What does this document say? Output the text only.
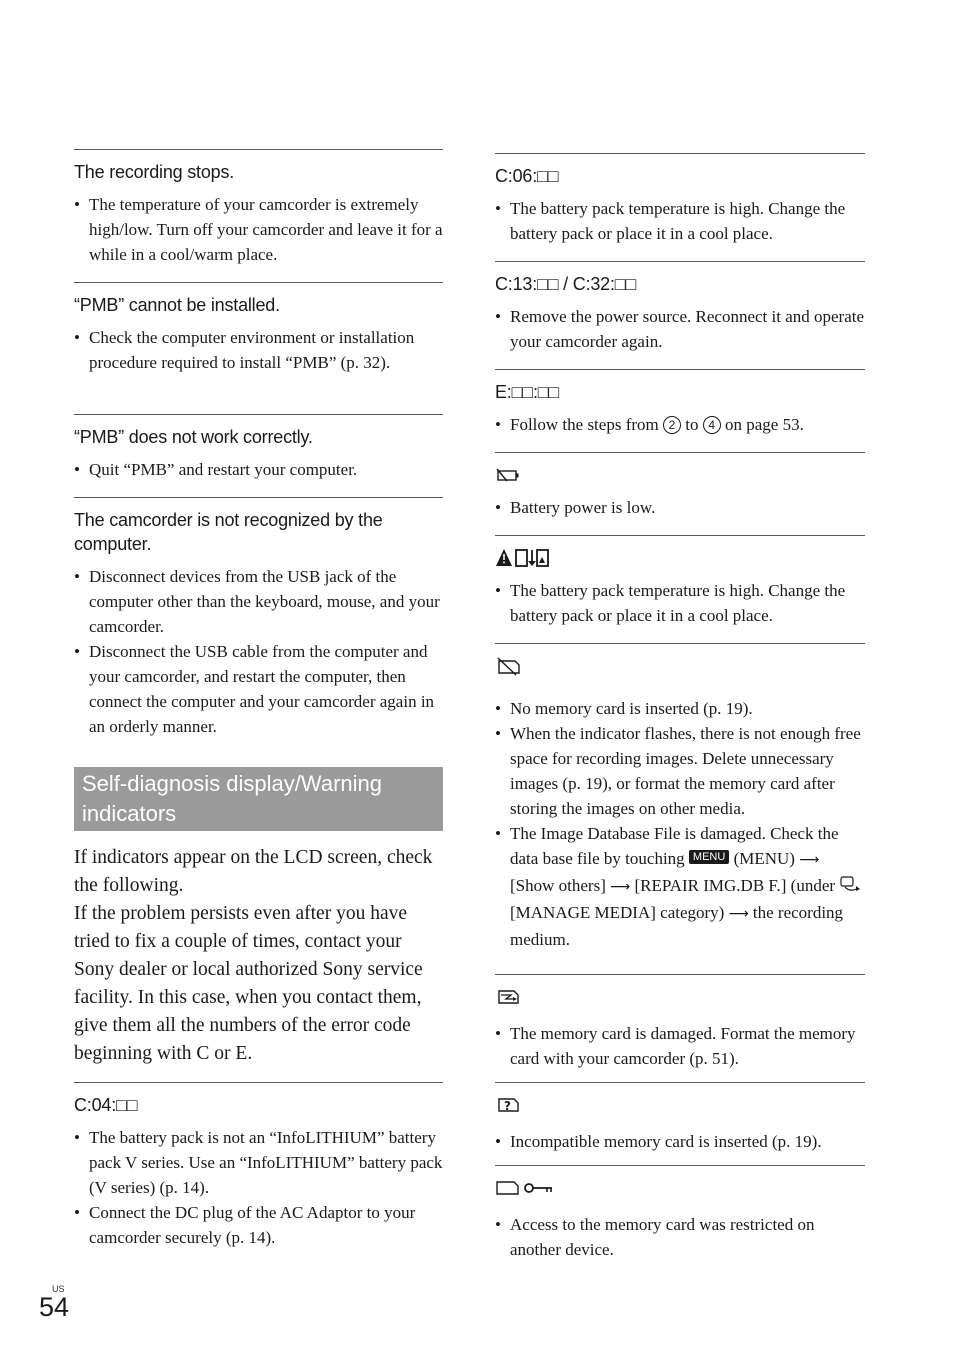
The recording stops.
• The temperature of your camcorder is extremely high/low. Turn off your camcorder and leave it for a while in a cool/warm place.
“PMB” cannot be installed.
• Check the computer environment or installation procedure required to install “PMB” (p. 32).
“PMB” does not work correctly.
• Quit “PMB” and restart your computer.
The camcorder is not recognized by the computer.
• Disconnect devices from the USB jack of the computer other than the keyboard, mouse, and your camcorder.
• Disconnect the USB cable from the computer and your camcorder, and restart the computer, then connect the computer and your camcorder again in an orderly manner.
Self-diagnosis display/Warning indicators

If indicators appear on the LCD screen, check the following.
If the problem persists even after you have tried to fix a couple of times, contact your Sony dealer or local authorized Sony service facility. In this case, when you contact them, give them all the numbers of the error code beginning with C or E.

C:04:□□
• The battery pack is not an “InfoLITHIUM” battery pack V series. Use an “InfoLITHIUM” battery pack (V series) (p. 14).
• Connect the DC plug of the AC Adaptor to your camcorder securely (p. 14).
C:06:□□
• The battery pack temperature is high. Change the battery pack or place it in a cool place.
C:13:□□ / C:32:□□
• Remove the power source. Reconnect it and operate your camcorder again.
E:□□:□□
• Follow the steps from 2 to 4 on page 53.
• Battery power is low.
• The battery pack temperature is high. Change the battery pack or place it in a cool place.
• No memory card is inserted (p. 19).
• When the indicator flashes, there is not enough free space for recording images. Delete unnecessary images (p. 19), or format the memory card after storing the images on other media.
• The Image Database File is damaged. Check the data base file by touching MENU (MENU) ⟶ [Show others] ⟶ [REPAIR IMG.DB F.] (under  [MANAGE MEDIA] category) ⟶ the recording medium.
• The memory card is damaged. Format the memory card with your camcorder (p. 51).
?
• Incompatible memory card is inserted (p. 19).
• Access to the memory card was restricted on another device.
US
54
